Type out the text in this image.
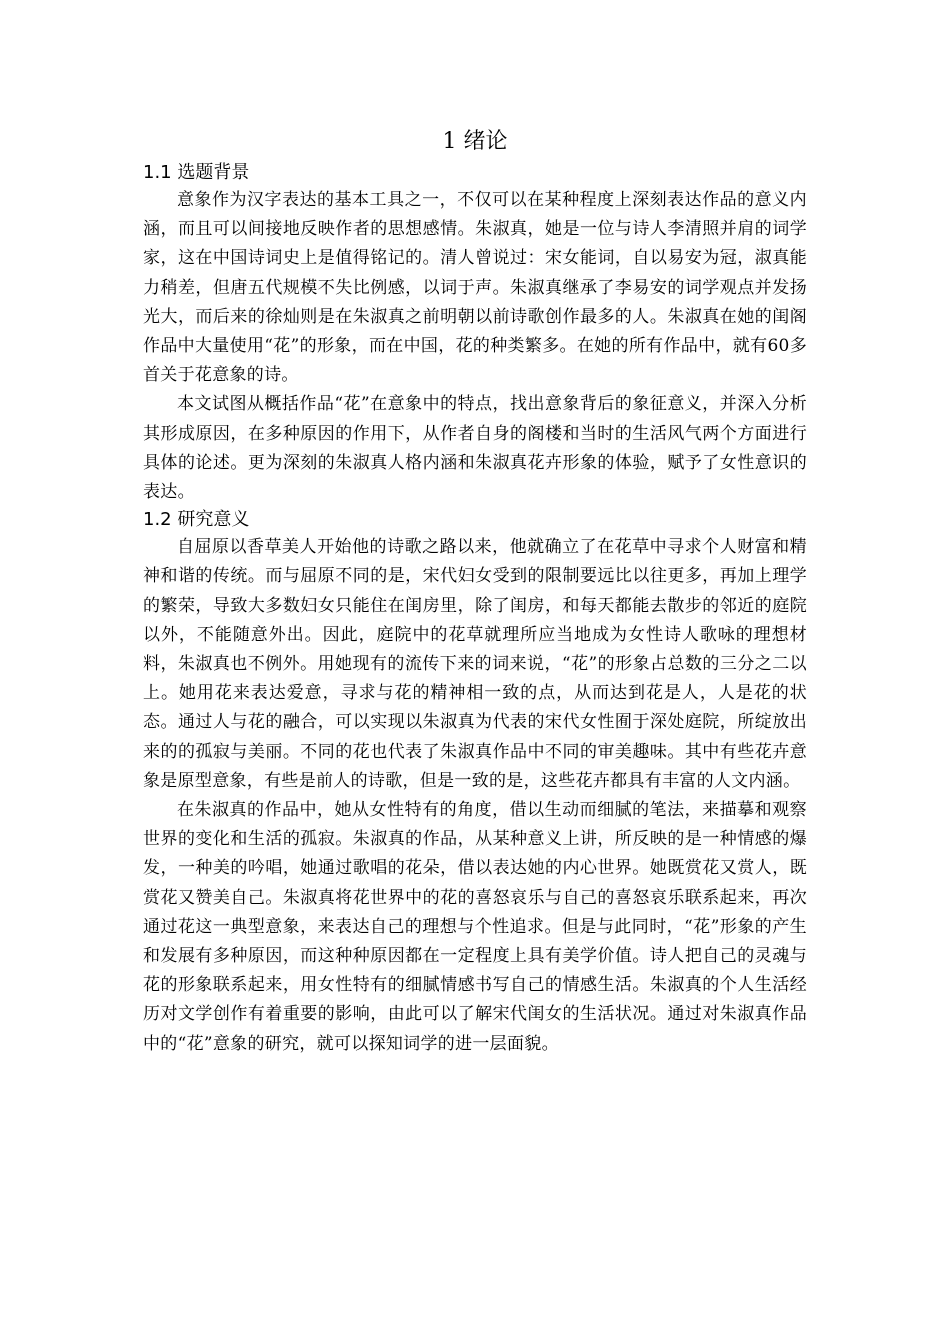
1 绪论
1.1 选题背景

意象作为汉字表达的基本工具之一，不仅可以在某种程度上深刻表达作品的意义内涵，而且可以间接地反映作者的思想感情。朱淑真，她是一位与诗人李清照并肩的词学家，这在中国诗词史上是值得铭记的。清人曾说过：宋女能词，自以易安为冠，淑真能力稍差，但唐五代规模不失比例感，以词于声。朱淑真继承了李易安的词学观点并发扬光大，而后来的徐灿则是在朱淑真之前明朝以前诗歌创作最多的人。朱淑真在她的闺阁作品中大量使用“花”的形象，而在中国，花的种类繁多。在她的所有作品中，就有60多首关于花意象的诗。

本文试图从概括作品“花”在意象中的特点，找出意象背后的象征意义，并深入分析其形成原因，在多种原因的作用下，从作者自身的阁楼和当时的生活风气两个方面进行具体的论述。更为深刻的朱淑真人格内涵和朱淑真花卉形象的体验，赋予了女性意识的表达。

1.2 研究意义

自屈原以香草美人开始他的诗歌之路以来，他就确立了在花草中寻求个人财富和精神和谐的传统。而与屈原不同的是，宋代妇女受到的限制要远比以往更多，再加上理学的繁荣，导致大多数妇女只能住在闺房里，除了闺房，和每天都能去散步的邻近的庭院以外，不能随意外出。因此，庭院中的花草就理所应当地成为女性诗人歌咏的理想材料，朱淑真也不例外。用她现有的流传下来的词来说，“花”的形象占总数的三分之二以上。她用花来表达爱意，寻求与花的精神相一致的点，从而达到花是人，人是花的状态。通过人与花的融合，可以实现以朱淑真为代表的宋代女性囿于深处庭院，所绽放出来的的孤寂与美丽。不同的花也代表了朱淑真作品中不同的审美趣味。其中有些花卉意象是原型意象，有些是前人的诗歌，但是一致的是，这些花卉都具有丰富的人文内涵。

在朱淑真的作品中，她从女性特有的角度，借以生动而细腻的笔法，来描摹和观察世界的变化和生活的孤寂。朱淑真的作品，从某种意义上讲，所反映的是一种情感的爆发，一种美的吟唱，她通过歌唱的花朵，借以表达她的内心世界。她既赏花又赏人，既赏花又赞美自己。朱淑真将花世界中的花的喜怒哀乐与自己的喜怒哀乐联系起来，再次通过花这一典型意象，来表达自己的理想与个性追求。但是与此同时，“花”形象的产生和发展有多种原因，而这种种原因都在一定程度上具有美学价值。诗人把自己的灵魂与花的形象联系起来，用女性特有的细腻情感书写自己的情感生活。朱淑真的个人生活经历对文学创作有着重要的影响，由此可以了解宋代闺女的生活状况。通过对朱淑真作品中的“花”意象的研究，就可以探知词学的进一层面貌。
